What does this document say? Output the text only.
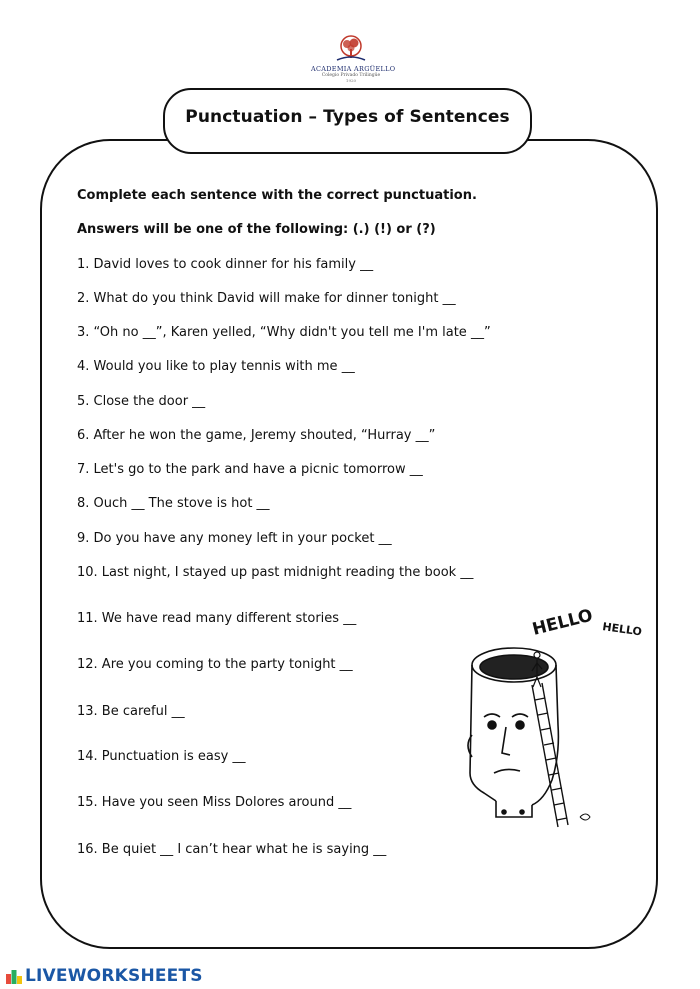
ACADEMIA ARGÜELLO
Colegio Privado Trilingüe
1920
Punctuation – Types of Sentences
Complete each sentence with the correct punctuation.
Answers will be one of the following: (.) (!) or (?)
1. David loves to cook dinner for his family __
2. What do you think David will make for dinner tonight __
3. “Oh no __”, Karen yelled, “Why didn't you tell me I'm late __”
4. Would you like to play tennis with me __
5. Close the door __
6. After he won the game, Jeremy shouted, “Hurray __”
7. Let's go to the park and have a picnic tomorrow __
8. Ouch __ The stove is hot __
9. Do you have any money left in your pocket __
10. Last night, I stayed up past midnight reading the book __
11. We have read many different stories __
12. Are you coming to the party tonight __
13. Be careful __
14. Punctuation is easy __
15. Have you seen Miss Dolores around __
16. Be quiet __ I can’t hear what he is saying __
HELLO HELLO
LIVEWORKSHEETS
